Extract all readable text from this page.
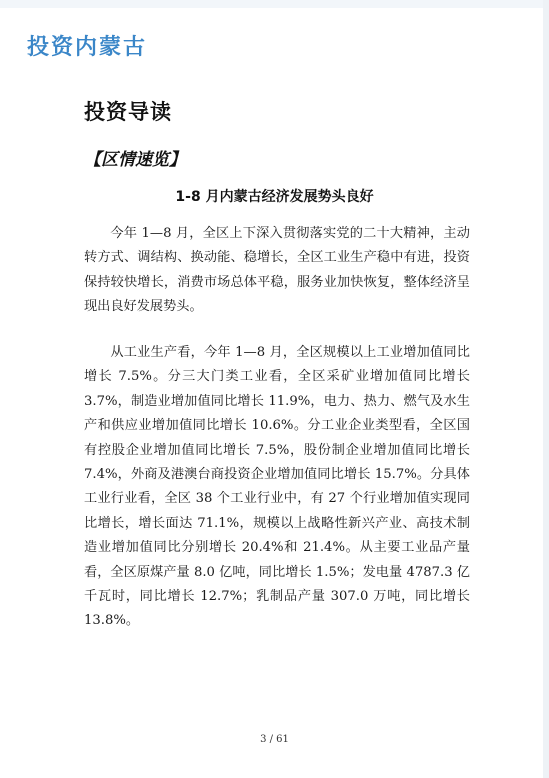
投资内蒙古
投资导读
【区情速览】
1-8 月内蒙古经济发展势头良好

今年 1—8 月，全区上下深入贯彻落实党的二十大精神，主动转方式、调结构、换动能、稳增长，全区工业生产稳中有进，投资保持较快增长，消费市场总体平稳，服务业加快恢复，整体经济呈现出良好发展势头。

从工业生产看，今年 1—8 月，全区规模以上工业增加值同比增长 7.5%。分三大门类工业看，全区采矿业增加值同比增长 3.7%，制造业增加值同比增长 11.9%，电力、热力、燃气及水生产和供应业增加值同比增长 10.6%。分工业企业类型看，全区国有控股企业增加值同比增长 7.5%，股份制企业增加值同比增长 7.4%，外商及港澳台商投资企业增加值同比增长 15.7%。分具体工业行业看，全区 38 个工业行业中，有 27 个行业增加值实现同比增长，增长面达 71.1%，规模以上战略性新兴产业、高技术制造业增加值同比分别增长 20.4%和 21.4%。从主要工业品产量看，全区原煤产量 8.0 亿吨，同比增长 1.5%；发电量 4787.3 亿千瓦时，同比增长 12.7%；乳制品产量 307.0 万吨，同比增长 13.8%。

3 / 61
